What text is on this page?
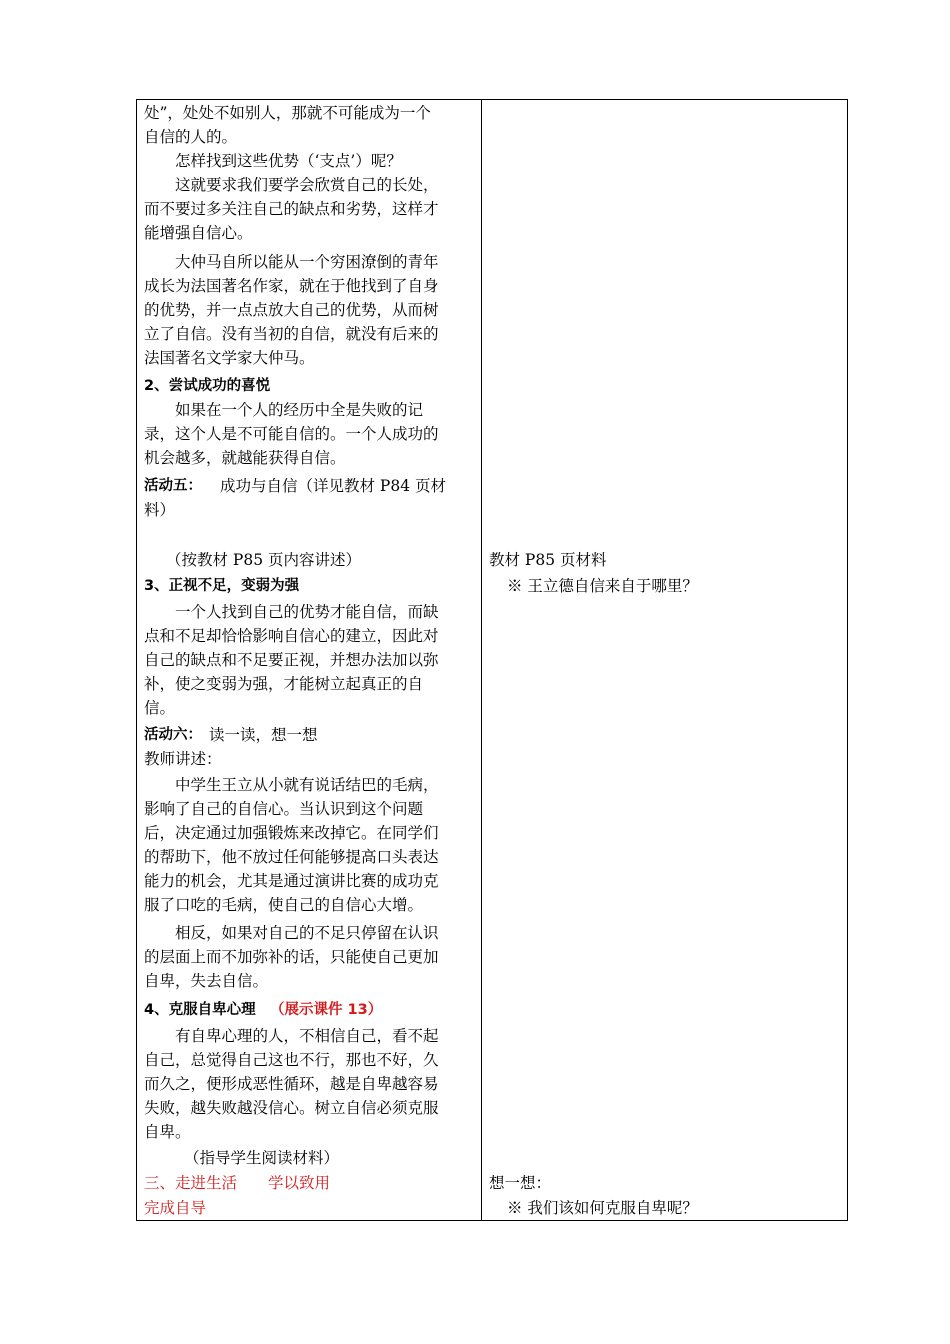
处”，处处不如别人，那就不可能成为一个
自信的人的。
怎样找到这些优势（‘支点’）呢？
这就要求我们要学会欣赏自己的长处，
而不要过多关注自己的缺点和劣势，这样才
能增强自信心。
大仲马自所以能从一个穷困潦倒的青年
成长为法国著名作家，就在于他找到了自身
的优势，并一点点放大自己的优势，从而树
立了自信。没有当初的自信，就没有后来的
法国著名文学家大仲马。
2、尝试成功的喜悦
如果在一个人的经历中全是失败的记
录，这个人是不可能自信的。一个人成功的
机会越多，就越能获得自信。
活动五： 成功与自信（详见教材 P84 页材
料）
（按教材 P85 页内容讲述）
3、正视不足，变弱为强
一个人找到自己的优势才能自信，而缺
点和不足却恰恰影响自信心的建立，因此对
自己的缺点和不足要正视，并想办法加以弥
补，使之变弱为强，才能树立起真正的自
信。
活动六： 读一读，想一想
教师讲述：
中学生王立从小就有说话结巴的毛病，
影响了自己的自信心。当认识到这个问题
后，决定通过加强锻炼来改掉它。在同学们
的帮助下，他不放过任何能够提高口头表达
能力的机会，尤其是通过演讲比赛的成功克
服了口吃的毛病，使自己的自信心大增。
相反，如果对自己的不足只停留在认识
的层面上而不加弥补的话，只能使自己更加
自卑，失去自信。
4、克服自卑心理 （展示课件 13）
有自卑心理的人，不相信自己，看不起
自己，总觉得自己这也不行，那也不好，久
而久之，便形成恶性循环，越是自卑越容易
失败，越失败越没信心。树立自信必须克服
自卑。
（指导学生阅读材料）
三、走进生活　　学以致用
完成自导
教材 P85 页材料
※ 王立德自信来自于哪里？
想一想：
※ 我们该如何克服自卑呢？
